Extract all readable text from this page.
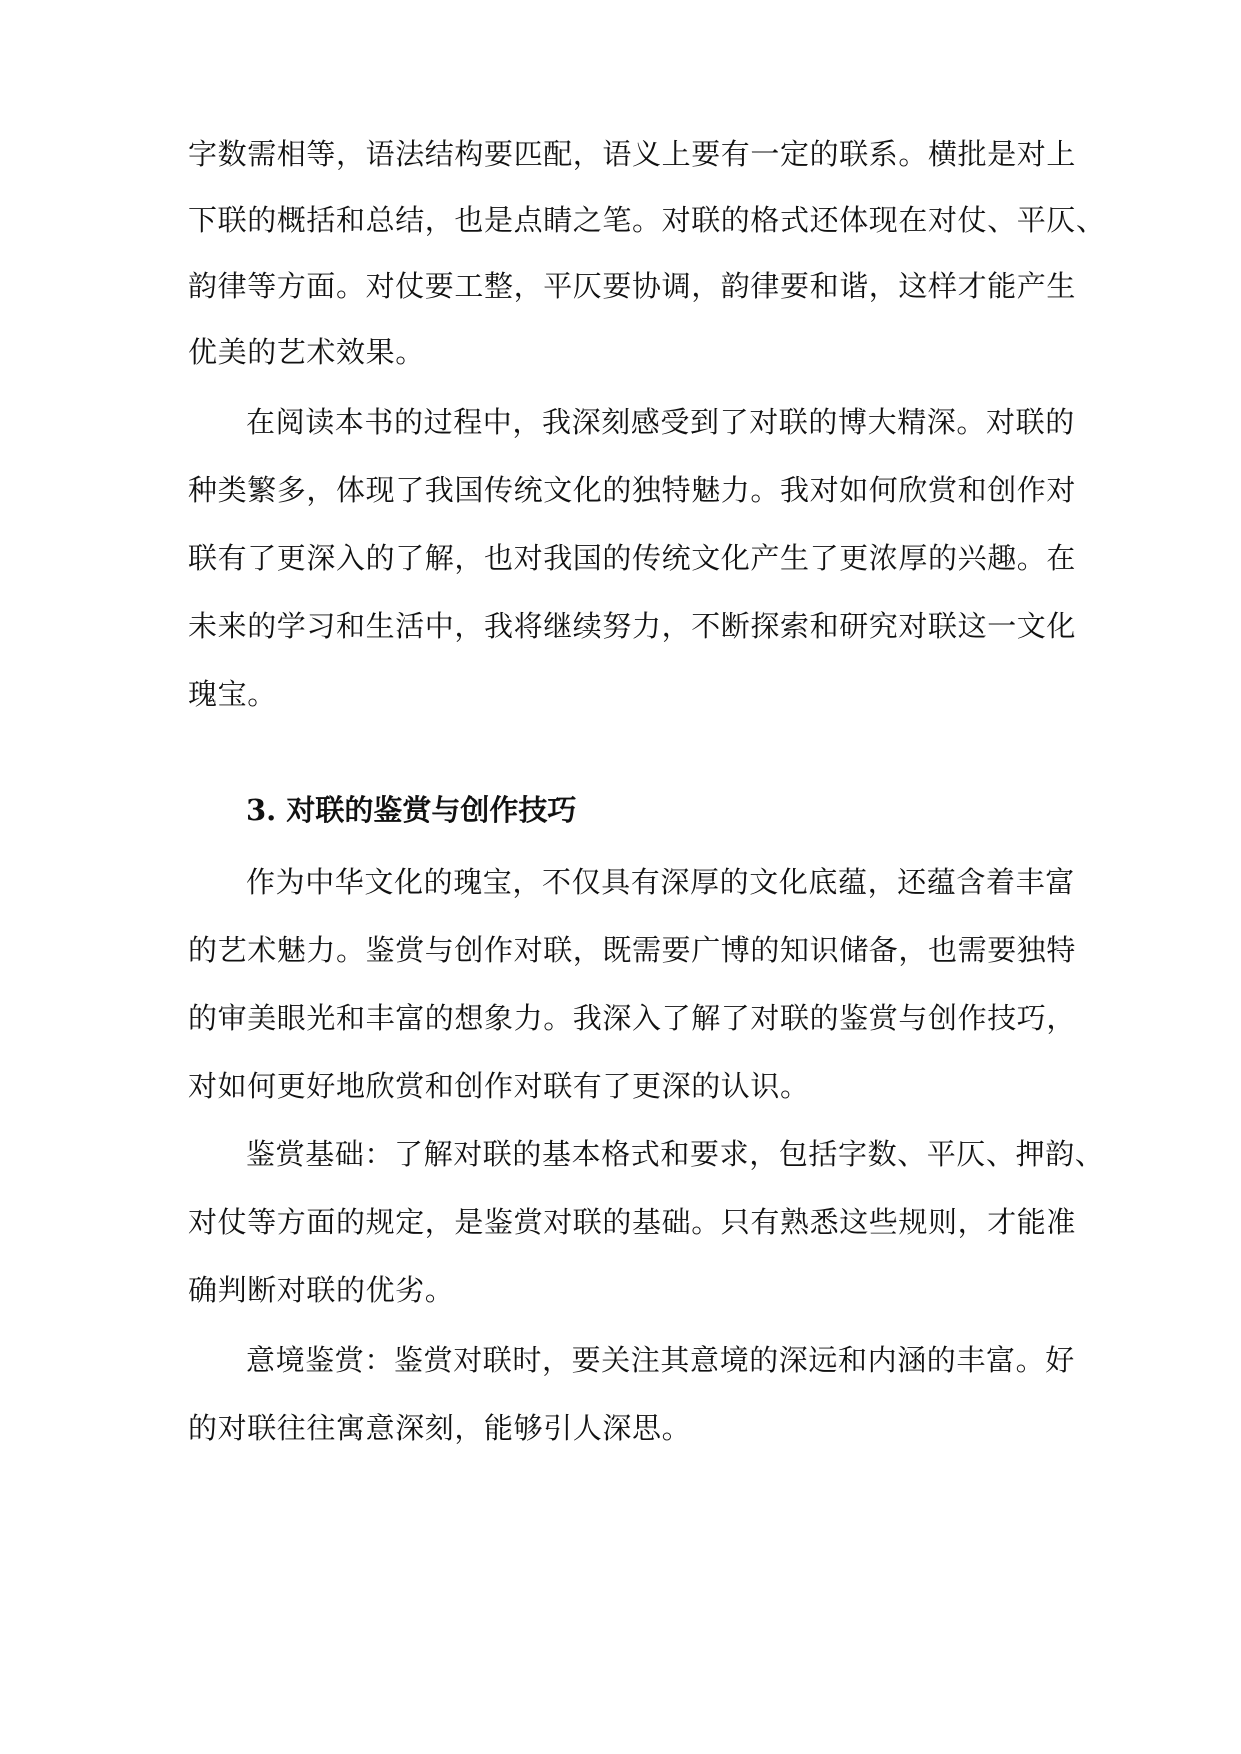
字数需相等，语法结构要匹配，语义上要有一定的联系。横批是对上
下联的概括和总结，也是点睛之笔。对联的格式还体现在对仗、平仄、
韵律等方面。对仗要工整，平仄要协调，韵律要和谐，这样才能产生
优美的艺术效果。
在阅读本书的过程中，我深刻感受到了对联的博大精深。对联的
种类繁多，体现了我国传统文化的独特魅力。我对如何欣赏和创作对
联有了更深入的了解，也对我国的传统文化产生了更浓厚的兴趣。在
未来的学习和生活中，我将继续努力，不断探索和研究对联这一文化
瑰宝。
3. 对联的鉴赏与创作技巧
作为中华文化的瑰宝，不仅具有深厚的文化底蕴，还蕴含着丰富
的艺术魅力。鉴赏与创作对联，既需要广博的知识储备，也需要独特
的审美眼光和丰富的想象力。我深入了解了对联的鉴赏与创作技巧，
对如何更好地欣赏和创作对联有了更深的认识。
鉴赏基础：了解对联的基本格式和要求，包括字数、平仄、押韵、
对仗等方面的规定，是鉴赏对联的基础。只有熟悉这些规则，才能准
确判断对联的优劣。
意境鉴赏：鉴赏对联时，要关注其意境的深远和内涵的丰富。好
的对联往往寓意深刻，能够引人深思。
